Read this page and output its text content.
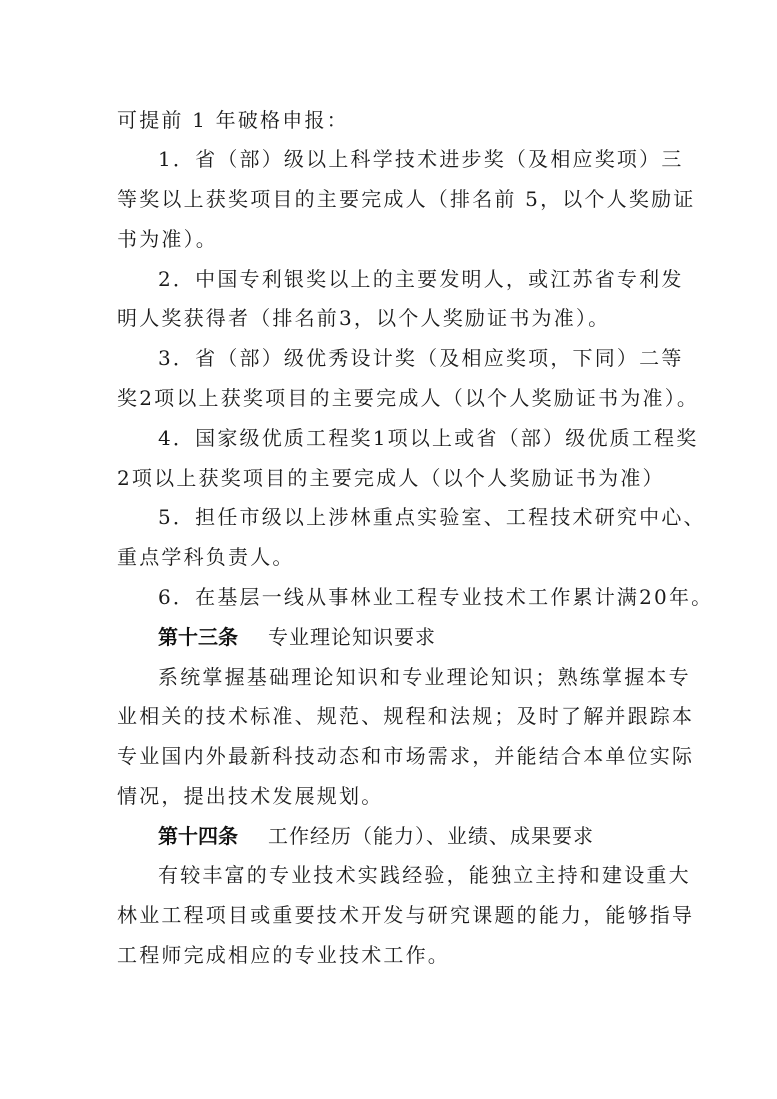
可提前 1 年破格申报：
1．省（部）级以上科学技术进步奖（及相应奖项）三
等奖以上获奖项目的主要完成人（排名前 5，以个人奖励证
书为准）。
2．中国专利银奖以上的主要发明人，或江苏省专利发
明人奖获得者（排名前3，以个人奖励证书为准）。
3．省（部）级优秀设计奖（及相应奖项，下同）二等
奖2项以上获奖项目的主要完成人（以个人奖励证书为准）。
4．国家级优质工程奖1项以上或省（部）级优质工程奖
2项以上获奖项目的主要完成人（以个人奖励证书为准）
5．担任市级以上涉林重点实验室、工程技术研究中心、
重点学科负责人。
6．在基层一线从事林业工程专业技术工作累计满20年。
第十三条 专业理论知识要求
系统掌握基础理论知识和专业理论知识；熟练掌握本专
业相关的技术标准、规范、规程和法规；及时了解并跟踪本
专业国内外最新科技动态和市场需求，并能结合本单位实际
情况，提出技术发展规划。
第十四条 工作经历（能力）、业绩、成果要求
有较丰富的专业技术实践经验，能独立主持和建设重大
林业工程项目或重要技术开发与研究课题的能力，能够指导
工程师完成相应的专业技术工作。
